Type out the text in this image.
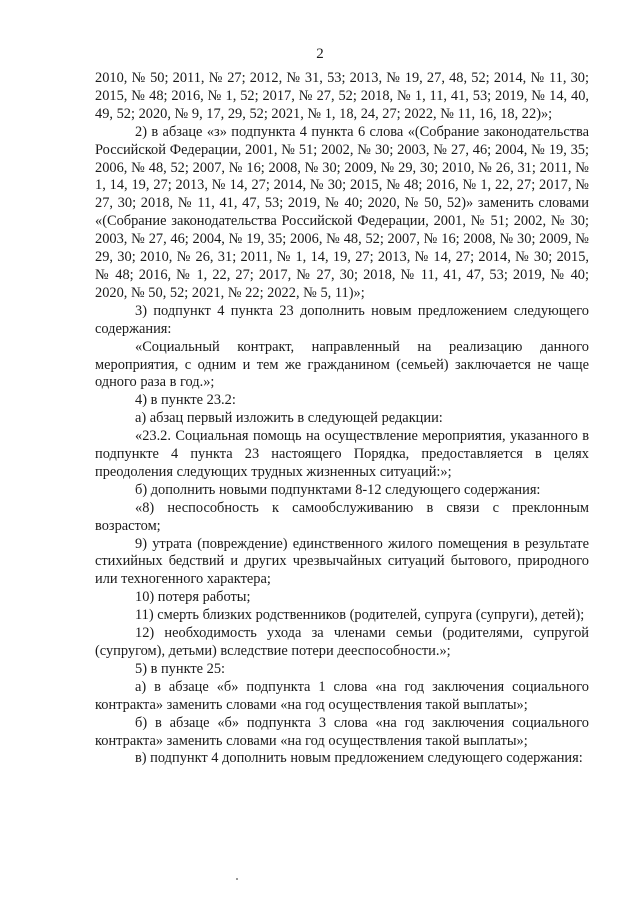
2

2010, № 50; 2011, № 27; 2012, № 31, 53; 2013, № 19, 27, 48, 52; 2014, № 11, 30; 2015, № 48; 2016, № 1, 52; 2017, № 27, 52; 2018, № 1, 11, 41, 53; 2019, № 14, 40, 49, 52; 2020, № 9, 17, 29, 52; 2021, № 1, 18, 24, 27; 2022, № 11, 16, 18, 22)»;

2) в абзаце «з» подпункта 4 пункта 6 слова «(Собрание законодательства Российской Федерации, 2001, № 51; 2002, № 30; 2003, № 27, 46; 2004, № 19, 35; 2006, № 48, 52; 2007, № 16; 2008, № 30; 2009, № 29, 30; 2010, № 26, 31; 2011, № 1, 14, 19, 27; 2013, № 14, 27; 2014, № 30; 2015, № 48; 2016, № 1, 22, 27; 2017, № 27, 30; 2018, № 11, 41, 47, 53; 2019, № 40; 2020, № 50, 52)» заменить словами «(Собрание законодательства Российской Федерации, 2001, № 51; 2002, № 30; 2003, № 27, 46; 2004, № 19, 35; 2006, № 48, 52; 2007, № 16; 2008, № 30; 2009, № 29, 30; 2010, № 26, 31; 2011, № 1, 14, 19, 27; 2013, № 14, 27; 2014, № 30; 2015, № 48; 2016, № 1, 22, 27; 2017, № 27, 30; 2018, № 11, 41, 47, 53; 2019, № 40; 2020, № 50, 52; 2021, № 22; 2022, № 5, 11)»;

3) подпункт 4 пункта 23 дополнить новым предложением следующего содержания:

«Социальный контракт, направленный на реализацию данного мероприятия, с одним и тем же гражданином (семьей) заключается не чаще одного раза в год.»;

4) в пункте 23.2:

а) абзац первый изложить в следующей редакции:

«23.2. Социальная помощь на осуществление мероприятия, указанного в подпункте 4 пункта 23 настоящего Порядка, предоставляется в целях преодоления следующих трудных жизненных ситуаций:»;

б) дополнить новыми подпунктами 8-12 следующего содержания:

«8) неспособность к самообслуживанию в связи с преклонным возрастом;

9) утрата (повреждение) единственного жилого помещения в результате стихийных бедствий и других чрезвычайных ситуаций бытового, природного или техногенного характера;

10) потеря работы;

11) смерть близких родственников (родителей, супруга (супруги), детей);

12) необходимость ухода за членами семьи (родителями, супругой (супругом), детьми) вследствие потери дееспособности.»;

5) в пункте 25:

а) в абзаце «б» подпункта 1 слова «на год заключения социального контракта» заменить словами «на год осуществления такой выплаты»;

б) в абзаце «б» подпункта 3 слова «на год заключения социального контракта» заменить словами «на год осуществления такой выплаты»;

в) подпункт 4 дополнить новым предложением следующего содержания:
